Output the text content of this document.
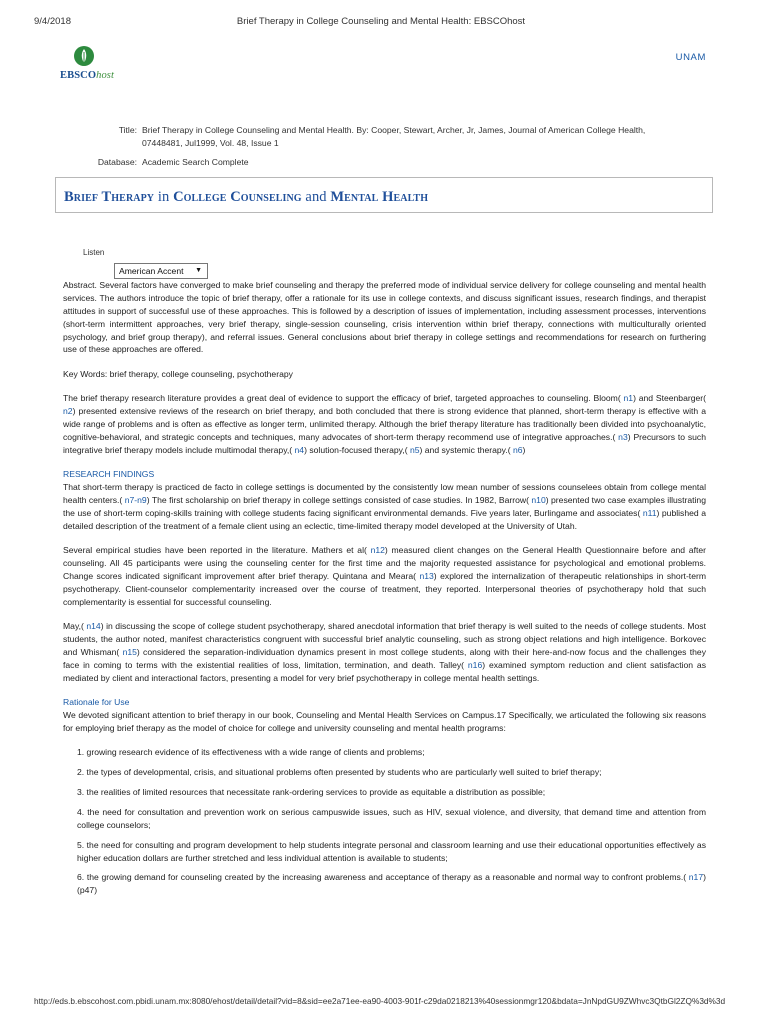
9/4/2018	Brief Therapy in College Counseling and Mental Health: EBSCOhost
EBSCOhost
UNAM
Title: Brief Therapy in College Counseling and Mental Health. By: Cooper, Stewart, Archer, Jr, James, Journal of American College Health, 07448481, Jul1999, Vol. 48, Issue 1
Database: Academic Search Complete
Brief Therapy in College Counseling and Mental Health
Listen
American Accent ▼

Abstract. Several factors have converged to make brief counseling and therapy the preferred mode of individual service delivery for college counseling and mental health services. The authors introduce the topic of brief therapy, offer a rationale for its use in college contexts, and discuss significant issues, research findings, and therapist attitudes in support of successful use of these approaches. This is followed by a description of issues of implementation, including assessment processes, interventions (short-term intermittent approaches, very brief therapy, single-session counseling, crisis intervention within brief therapy, connections with multiculturally oriented psychology, and brief group therapy), and referral issues. General conclusions about brief therapy in college settings and recommendations for research on furthering use of these approaches are offered.

Key Words: brief therapy, college counseling, psychotherapy

The brief therapy research literature provides a great deal of evidence to support the efficacy of brief, targeted approaches to counseling. Bloom( n1) and Steenbarger( n2) presented extensive reviews of the research on brief therapy, and both concluded that there is strong evidence that planned, short-term therapy is effective with a wide range of problems and is often as effective as longer term, unlimited therapy. Although the brief therapy literature has traditionally been divided into psychoanalytic, cognitive-behavioral, and strategic concepts and techniques, many advocates of short-term therapy recommend use of integrative approaches.( n3) Precursors to such integrative brief therapy models include multimodal therapy,( n4) solution-focused therapy,( n5) and systemic therapy.( n6)

RESEARCH FINDINGS

That short-term therapy is practiced de facto in college settings is documented by the consistently low mean number of sessions counselees obtain from college mental health centers.( n7-n9) The first scholarship on brief therapy in college settings consisted of case studies. In 1982, Barrow( n10) presented two case examples illustrating the use of short-term coping-skills training with college students facing significant environmental demands. Five years later, Burlingame and associates( n11) published a detailed description of the treatment of a female client using an eclectic, time-limited therapy model developed at the University of Utah.

Several empirical studies have been reported in the literature. Mathers et al( n12) measured client changes on the General Health Questionnaire before and after counseling. All 45 participants were using the counseling center for the first time and the majority requested assistance for psychological and emotional problems. Change scores indicated significant improvement after brief therapy. Quintana and Meara( n13) explored the internalization of therapeutic relationships in short-term psychotherapy. Client-counselor complementarity increased over the course of treatment, they reported. Interpersonal theories of psychotherapy hold that such complementarity is essential for successful counseling.

May,( n14) in discussing the scope of college student psychotherapy, shared anecdotal information that brief therapy is well suited to the needs of college students. Most students, the author noted, manifest characteristics congruent with successful brief analytic counseling, such as strong object relations and high intelligence. Borkovec and Whisman( n15) considered the separation-individuation dynamics present in most college students, along with their here-and-now focus and the challenges they face in coming to terms with the existential realities of loss, limitation, termination, and death. Talley( n16) examined symptom reduction and client satisfaction as mediated by client and interactional factors, presenting a model for very brief psychotherapy in college mental health settings.

Rationale for Use

We devoted significant attention to brief therapy in our book, Counseling and Mental Health Services on Campus.17 Specifically, we articulated the following six reasons for employing brief therapy as the model of choice for college and university counseling and mental health programs:

1. growing research evidence of its effectiveness with a wide range of clients and problems;

2. the types of developmental, crisis, and situational problems often presented by students who are particularly well suited to brief therapy;

3. the realities of limited resources that necessitate rank-ordering services to provide as equitable a distribution as possible;

4. the need for consultation and prevention work on serious campuswide issues, such as HIV, sexual violence, and diversity, that demand time and attention from college counselors;

5. the need for consulting and program development to help students integrate personal and classroom learning and use their educational opportunities effectively as higher education dollars are further stretched and less individual attention is available to students;

6. the growing demand for counseling created by the increasing awareness and acceptance of therapy as a reasonable and normal way to confront problems.( n17)(p47)

http://eds.b.ebscohost.com.pbidi.unam.mx:8080/ehost/detail/detail?vid=8&sid=ee2a71ee-ea90-4003-901f-c29da0218213%40sessionmgr120&bdata=JnNpdGU9ZWhvc3QtbGl2ZQ%3d%3d
